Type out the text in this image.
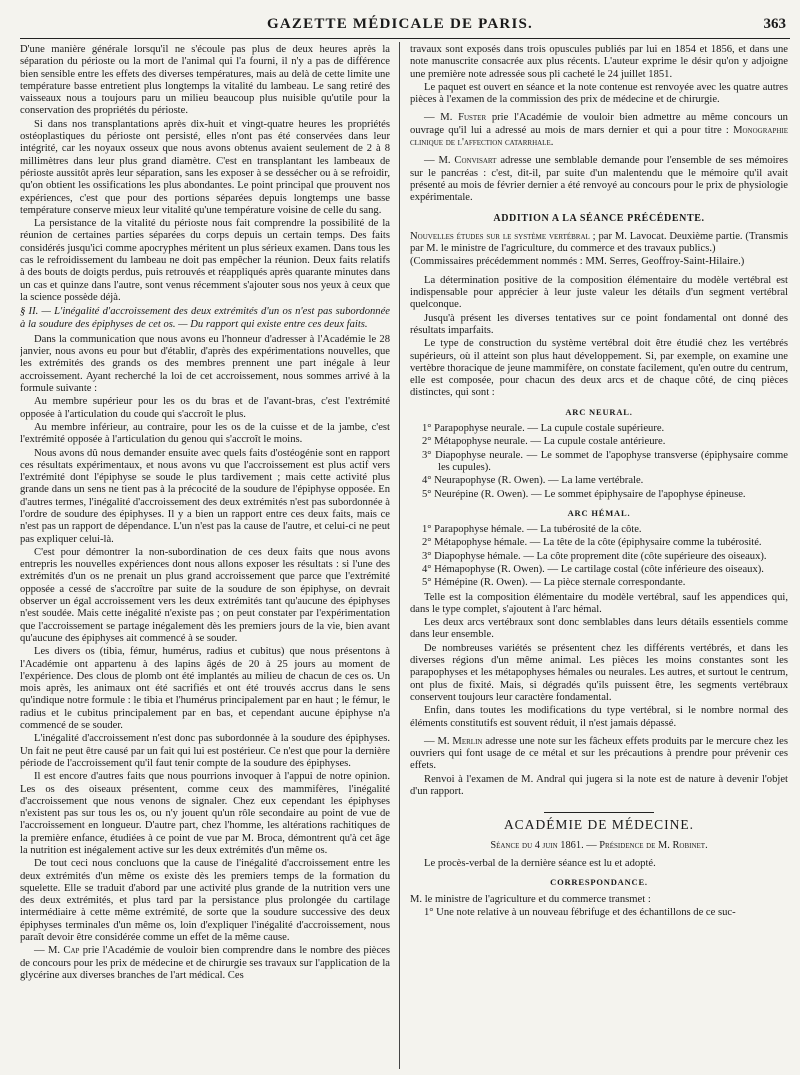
GAZETTE MÉDICALE DE PARIS.	363

D'une manière générale lorsqu'il ne s'écoule pas plus de deux heures après la séparation du périoste ou la mort de l'animal qui l'a fourni, il n'y a pas de différence bien sensible entre les effets des diverses températures, mais au delà de cette limite une température basse entretient plus longtemps la vitalité du lambeau. Le sang retiré des vaisseaux nous a toujours paru un milieu beaucoup plus nuisible qu'utile pour la conservation des propriétés du périoste.

Si dans nos transplantations après dix-huit et vingt-quatre heures les propriétés ostéoplastiques du périoste ont persisté, elles n'ont pas été conservées dans leur intégrité, car les noyaux osseux que nous avons obtenus avaient seulement de 2 à 8 millimètres dans leur plus grand diamètre. C'est en transplantant les lambeaux de périoste aussitôt après leur séparation, sans les exposer à se dessécher ou à se refroidir, qu'on obtient les ossifications les plus abondantes. Le point principal que prouvent nos expériences, c'est que pour des portions séparées depuis longtemps une basse température conserve mieux leur vitalité qu'une température voisine de celle du sang.

La persistance de la vitalité du périoste nous fait comprendre la possibilité de la réunion de certaines parties séparées du corps depuis un certain temps. Des faits considérés jusqu'ici comme apocryphes méritent un plus sérieux examen. Dans tous les cas le refroidissement du lambeau ne doit pas empêcher la réunion. Deux faits relatifs à des bouts de doigts perdus, puis retrouvés et réappliqués après quarante minutes dans un cas et quinze dans l'autre, sont venus récemment s'ajouter sous nos yeux à ceux que la science possède déjà.

§ II. — L'inégalité d'accroissement des deux extrémités d'un os n'est pas subordonnée à la soudure des épiphyses de cet os. — Du rapport qui existe entre ces deux faits.

Dans la communication que nous avons eu l'honneur d'adresser à l'Académie le 28 janvier, nous avons eu pour but d'établir, d'après des expérimentations nouvelles, que les extrémités des grands os des membres prennent une part inégale à leur accroissement. Ayant recherché la loi de cet accroissement, nous sommes arrivé à la formule suivante :

Au membre supérieur pour les os du bras et de l'avant-bras, c'est l'extrémité opposée à l'articulation du coude qui s'accroît le plus.

Au membre inférieur, au contraire, pour les os de la cuisse et de la jambe, c'est l'extrémité opposée à l'articulation du genou qui s'accroît le moins.

Nous avons dû nous demander ensuite avec quels faits d'ostéogénie sont en rapport ces résultats expérimentaux, et nous avons vu que l'accroissement est plus actif vers l'extrémité dont l'épiphyse se soude le plus tardivement ; mais cette activité plus grande dans un sens ne tient pas à la précocité de la soudure de l'épiphyse opposée. En d'autres termes, l'inégalité d'accroissement des deux extrémités n'est pas subordonnée à l'ordre de soudure des épiphyses. Il y a bien un rapport entre ces deux faits, mais ce n'est pas un rapport de dépendance. L'un n'est pas la cause de l'autre, et celui-ci ne peut pas expliquer celui-là.

C'est pour démontrer la non-subordination de ces deux faits que nous avons entrepris les nouvelles expériences dont nous allons exposer les résultats : si l'une des extrémités d'un os ne prenait un plus grand accroissement que parce que l'extrémité opposée a cessé de s'accroître par suite de la soudure de son épiphyse, on devrait observer un égal accroissement vers les deux extrémités tant qu'aucune des épiphyses n'est soudée. Mais cette inégalité n'existe pas ; on peut constater par l'expérimentation que l'accroissement se partage inégalement dès les premiers jours de la vie, bien avant qu'aucune des épiphyses ait commencé à se souder.

Les divers os (tibia, fémur, humérus, radius et cubitus) que nous présentons à l'Académie ont appartenu à des lapins âgés de 20 à 25 jours au moment de l'expérience. Des clous de plomb ont été implantés au milieu de chacun de ces os. Un mois après, les animaux ont été sacrifiés et ont été trouvés accrus dans le sens qu'indique notre formule : le tibia et l'humérus principalement par en haut ; le fémur, le radius et le cubitus principalement par en bas, et cependant aucune épiphyse n'a commencé de se souder.

L'inégalité d'accroissement n'est donc pas subordonnée à la soudure des épiphyses. Un fait ne peut être causé par un fait qui lui est postérieur. Ce n'est que pour la dernière période de l'accroissement qu'il faut tenir compte de la soudure des épiphyses.

Il est encore d'autres faits que nous pourrions invoquer à l'appui de notre opinion. Les os des oiseaux présentent, comme ceux des mammifères, l'inégalité d'accroissement que nous venons de signaler. Chez eux cependant les épiphyses n'existent pas sur tous les os, ou n'y jouent qu'un rôle secondaire au point de vue de l'accroissement en longueur. D'autre part, chez l'homme, les altérations rachitiques de la première enfance, étudiées à ce point de vue par M. Broca, démontrent qu'à cet âge la nutrition est inégalement active sur les deux extrémités d'un même os.

De tout ceci nous concluons que la cause de l'inégalité d'accroissement entre les deux extrémités d'un même os existe dès les premiers temps de la formation du squelette. Elle se traduit d'abord par une activité plus grande de la nutrition vers une des deux extrémités, et plus tard par la persistance plus prolongée du cartilage intermédiaire à cette même extrémité, de sorte que la soudure successive des deux épiphyses terminales d'un même os, loin d'expliquer l'inégalité d'accroissement, nous paraît devoir être considérée comme un effet de la même cause.

— M. Cap prie l'Académie de vouloir bien comprendre dans le nombre des pièces de concours pour les prix de médecine et de chirurgie ses travaux sur l'application de la glycérine aux diverses branches de l'art médical. Ces

travaux sont exposés dans trois opuscules publiés par lui en 1854 et 1856, et dans une note manuscrite consacrée aux plus récents. L'auteur exprime le désir qu'on y adjoigne une première note adressée sous pli cacheté le 24 juillet 1851.

Le paquet est ouvert en séance et la note contenue est renvoyée avec les quatre autres pièces à l'examen de la commission des prix de médecine et de chirurgie.

— M. Fuster prie l'Académie de vouloir bien admettre au même concours un ouvrage qu'il lui a adressé au mois de mars dernier et qui a pour titre : Monographie clinique de l'affection catarrhale.

— M. Convisart adresse une semblable demande pour l'ensemble de ses mémoires sur le pancréas : c'est, dit-il, par suite d'un malentendu que le mémoire qu'il avait présenté au mois de février dernier a été renvoyé au concours pour le prix de physiologie expérimentale.

ADDITION A LA SÉANCE PRÉCÉDENTE.

Nouvelles études sur le système vertébral ; par M. Lavocat. Deuxième partie. (Transmis par M. le ministre de l'agriculture, du commerce et des travaux publics.)

(Commissaires précédemment nommés : MM. Serres, Geoffroy-Saint-Hilaire.)

La détermination positive de la composition élémentaire du modèle vertébral est indispensable pour apprécier à leur juste valeur les détails d'un segment vertébral quelconque.

Jusqu'à présent les diverses tentatives sur ce point fondamental ont donné des résultats imparfaits.

Le type de construction du système vertébral doit être étudié chez les vertébrés supérieurs, où il atteint son plus haut développement. Si, par exemple, on examine une vertèbre thoracique de jeune mammifère, on constate facilement, qu'en outre du centrum, elle est composée, pour chacun des deux arcs et de chaque côté, de cinq pièces distinctes, qui sont :

ARC NEURAL.
1° Parapophyse neurale. — La cupule costale supérieure.
2° Métapophyse neurale. — La cupule costale antérieure.
3° Diapophyse neurale. — Le sommet de l'apophyse transverse (épiphysaire comme les cupules).
4° Neurapophyse (R. Owen). — La lame vertébrale.
5° Neurépine (R. Owen). — Le sommet épiphysaire de l'apophyse épineuse.
ARC HÉMAL.
1° Parapophyse hémale. — La tubérosité de la côte.
2° Métapophyse hémale. — La tête de la côte (épiphysaire comme la tubérosité.
3° Diapophyse hémale. — La côte proprement dite (côte supérieure des oiseaux).
4° Hémapophyse (R. Owen). — Le cartilage costal (côte inférieure des oiseaux).
5° Hémépine (R. Owen). — La pièce sternale correspondante.

Telle est la composition élémentaire du modèle vertébral, sauf les appendices qui, dans le type complet, s'ajoutent à l'arc hémal.

Les deux arcs vertébraux sont donc semblables dans leurs détails essentiels comme dans leur ensemble.

De nombreuses variétés se présentent chez les différents vertébrés, et dans les diverses régions d'un même animal. Les pièces les moins constantes sont les parapophyses et les métapophyses hémales ou neurales. Les autres, et surtout le centrum, ont plus de fixité. Mais, si dégradés qu'ils puissent être, les segments vertébraux conservent toujours leur caractère fondamental.

Enfin, dans toutes les modifications du type vertébral, si le nombre normal des éléments constitutifs est souvent réduit, il n'est jamais dépassé.

— M. Merlin adresse une note sur les fâcheux effets produits par le mercure chez les ouvriers qui font usage de ce métal et sur les précautions à prendre pour prévenir ces effets.

Renvoi à l'examen de M. Andral qui jugera si la note est de nature à devenir l'objet d'un rapport.

ACADÉMIE DE MÉDECINE.

Séance du 4 juin 1861. — Présidence de M. Robinet.

Le procès-verbal de la dernière séance est lu et adopté.

CORRESPONDANCE.

M. le ministre de l'agriculture et du commerce transmet :

1° Une note relative à un nouveau fébrifuge et des échantillons de ce suc-
